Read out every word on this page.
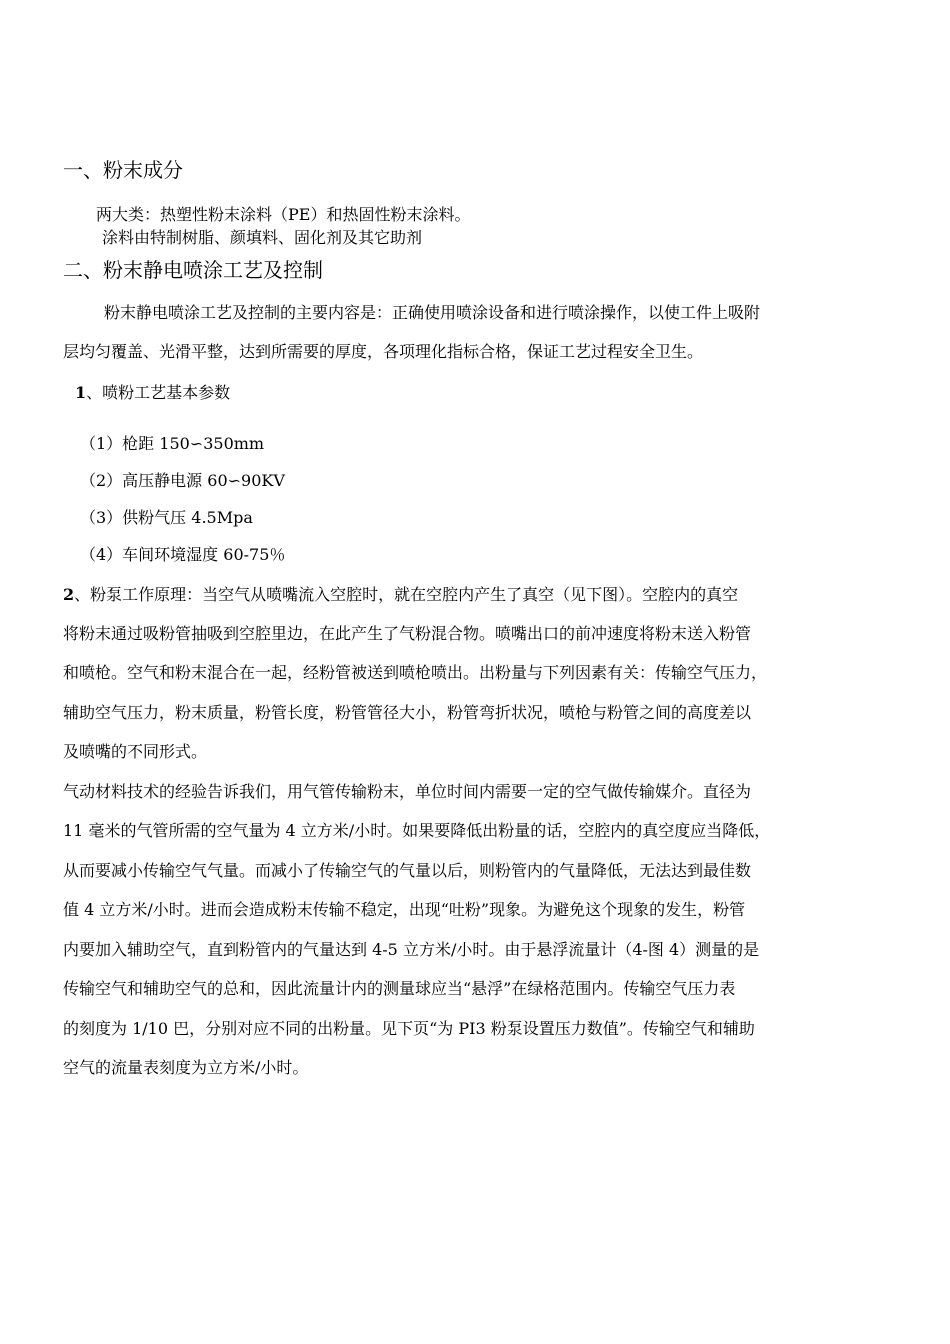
一、粉末成分
两大类：热塑性粉末涂料（PE）和热固性粉末涂料。
涂料由特制树脂、颜填料、固化剂及其它助剂
二、粉末静电喷涂工艺及控制
粉末静电喷涂工艺及控制的主要内容是：正确使用喷涂设备和进行喷涂操作，以使工件上吸附
层均匀覆盖、光滑平整，达到所需要的厚度，各项理化指标合格，保证工艺过程安全卫生。
1、喷粉工艺基本参数
（1）枪距 150∽350mm
（2）高压静电源 60∽90KV
（3）供粉气压 4.5Mpa
（4）车间环境湿度 60-75％
2、粉泵工作原理：当空气从喷嘴流入空腔时，就在空腔内产生了真空（见下图）。空腔内的真空
将粉末通过吸粉管抽吸到空腔里边，在此产生了气粉混合物。喷嘴出口的前冲速度将粉末送入粉管
和喷枪。空气和粉末混合在一起，经粉管被送到喷枪喷出。出粉量与下列因素有关：传输空气压力，
辅助空气压力，粉末质量，粉管长度，粉管管径大小，粉管弯折状况，喷枪与粉管之间的高度差以
及喷嘴的不同形式。
气动材料技术的经验告诉我们，用气管传输粉末，单位时间内需要一定的空气做传输媒介。直径为
11 毫米的气管所需的空气量为 4 立方米/小时。如果要降低出粉量的话，空腔内的真空度应当降低，
从而要减小传输空气气量。而减小了传输空气的气量以后，则粉管内的气量降低，无法达到最佳数
值 4 立方米/小时。进而会造成粉末传输不稳定，出现“吐粉”现象。为避免这个现象的发生，粉管
内要加入辅助空气，直到粉管内的气量达到 4-5 立方米/小时。由于悬浮流量计（4-图 4）测量的是
传输空气和辅助空气的总和，因此流量计内的测量球应当“悬浮”在绿格范围内。传输空气压力表
的刻度为 1/10 巴，分别对应不同的出粉量。见下页“为 PI3 粉泵设置压力数值”。传输空气和辅助
空气的流量表刻度为立方米/小时。
